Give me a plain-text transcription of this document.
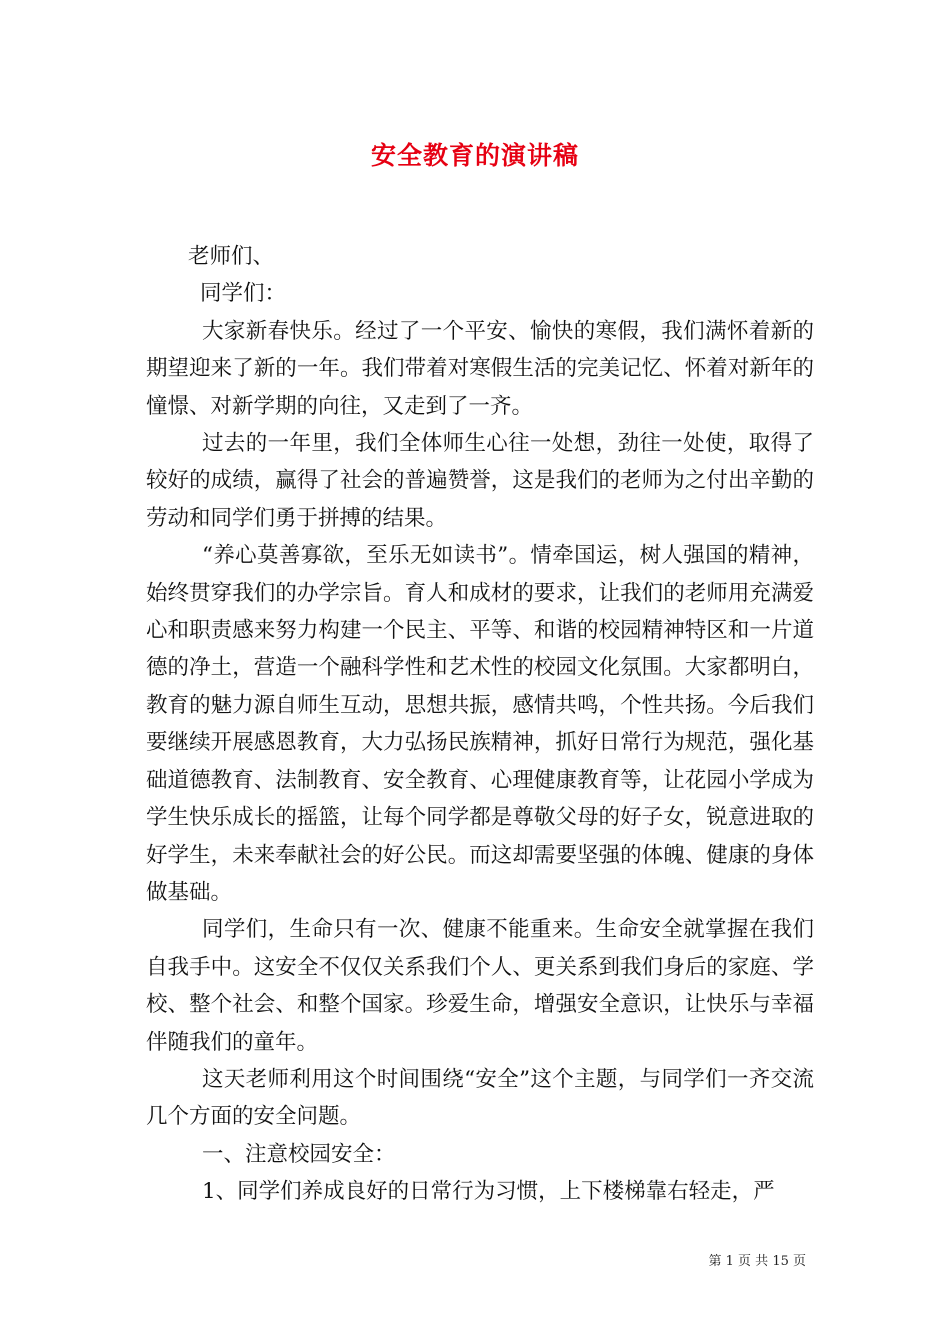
安全教育的演讲稿

老师们、

同学们：

大家新春快乐。经过了一个平安、愉快的寒假，我们满怀着新的期望迎来了新的一年。我们带着对寒假生活的完美记忆、怀着对新年的憧憬、对新学期的向往，又走到了一齐。

过去的一年里，我们全体师生心往一处想，劲往一处使，取得了较好的成绩，赢得了社会的普遍赞誉，这是我们的老师为之付出辛勤的劳动和同学们勇于拼搏的结果。

“养心莫善寡欲，至乐无如读书”。情牵国运，树人强国的精神，始终贯穿我们的办学宗旨。育人和成材的要求，让我们的老师用充满爱心和职责感来努力构建一个民主、平等、和谐的校园精神特区和一片道德的净土，营造一个融科学性和艺术性的校园文化氛围。大家都明白，教育的魅力源自师生互动，思想共振，感情共鸣，个性共扬。今后我们要继续开展感恩教育，大力弘扬民族精神，抓好日常行为规范，强化基础道德教育、法制教育、安全教育、心理健康教育等，让花园小学成为学生快乐成长的摇篮，让每个同学都是尊敬父母的好子女，锐意进取的好学生，未来奉献社会的好公民。而这却需要坚强的体魄、健康的身体做基础。

同学们，生命只有一次、健康不能重来。生命安全就掌握在我们自我手中。这安全不仅仅关系我们个人、更关系到我们身后的家庭、学校、整个社会、和整个国家。珍爱生命，增强安全意识，让快乐与幸福伴随我们的童年。

这天老师利用这个时间围绕“安全”这个主题，与同学们一齐交流几个方面的安全问题。

一、注意校园安全：

1、同学们养成良好的日常行为习惯，上下楼梯靠右轻走，严

第 1 页 共 15 页
